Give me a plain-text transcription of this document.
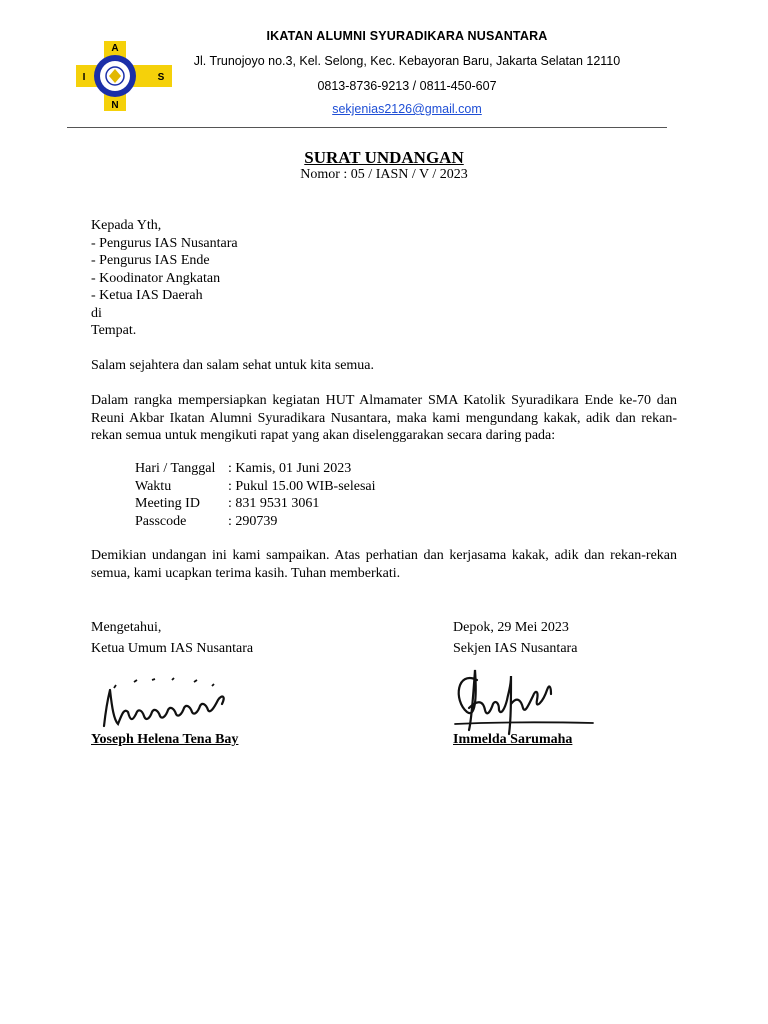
A
I	S
N
IKATAN ALUMNI SYURADIKARA NUSANTARA
Jl. Trunojoyo no.3, Kel. Selong, Kec. Kebayoran Baru, Jakarta Selatan 12110
0813-8736-9213 / 0811-450-607
sekjenias2126@gmail.com
SURAT UNDANGAN
Nomor : 05 / IASN / V / 2023
Kepada Yth,
- Pengurus IAS Nusantara
- Pengurus IAS Ende
- Koodinator Angkatan
- Ketua IAS Daerah
di
Tempat.
Salam sejahtera dan salam sehat untuk kita semua.
Dalam rangka mempersiapkan kegiatan HUT Almamater SMA Katolik Syuradikara Ende ke-70 dan Reuni Akbar Ikatan Alumni Syuradikara Nusantara, maka kami mengundang kakak, adik dan rekan-rekan semua untuk mengikuti rapat yang akan diselenggarakan secara daring pada:
Hari / Tanggal : Kamis, 01 Juni 2023
Waktu	: Pukul 15.00 WIB-selesai
Meeting ID	: 831 9531 3061
Passcode	: 290739
Demikian undangan ini kami sampaikan. Atas perhatian dan kerjasama kakak, adik dan rekan-rekan semua, kami ucapkan terima kasih. Tuhan memberkati.
Mengetahui,
Ketua Umum IAS Nusantara
Depok, 29 Mei 2023
Sekjen IAS Nusantara
Yoseph Helena Tena Bay	Immelda Sarumaha
